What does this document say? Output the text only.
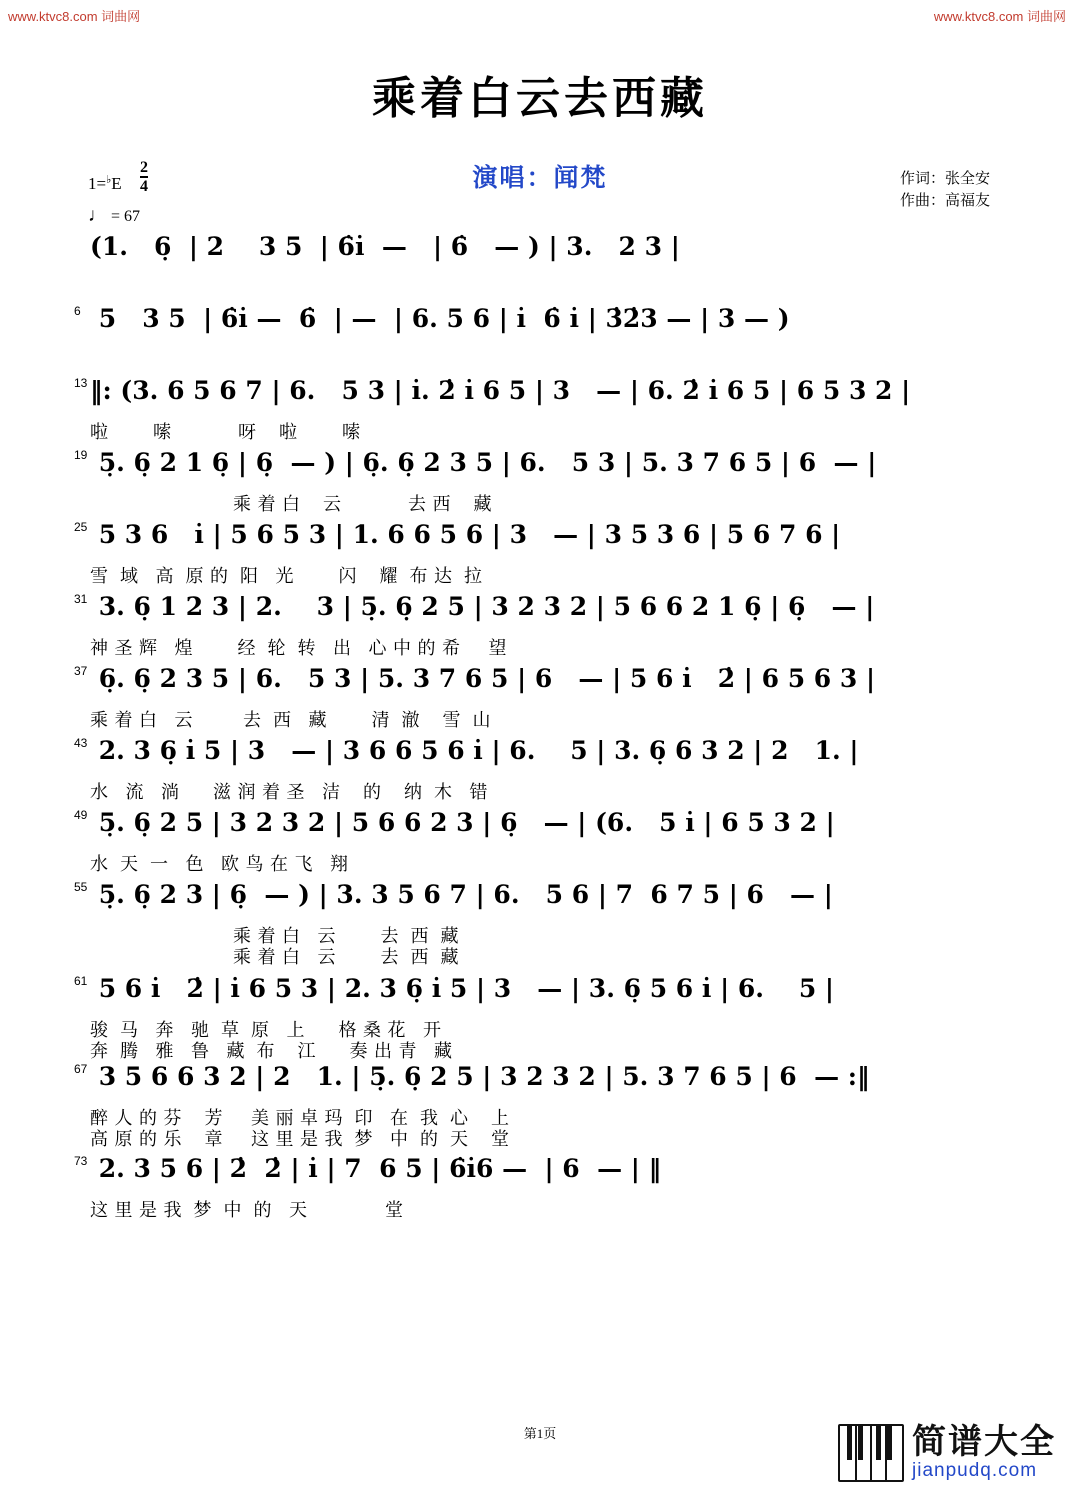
www.ktvc8.com 词曲网	www.ktvc8.com 词曲网
乘着白云去西藏
演唱：闻梵	作词：张全安
作曲：高福友
$1=^♭E \frac{2}{4}$
♩ = 67
(1.   6̣  | 2    3 5  | 6̇i̇  —   | 6̇   — ) | 3.   2 3 |
6 5   3 5  | 6̇i̇ —  6̇  | —  | 6. 5 6 | i̇  6̇ i̇ | 3̇2̇3 — | 3 — )
13 ‖: (3. 6 5 6 7 | 6.   5 3 | i̇. 2̇ i̇ 6 5 | 3   — | 6. 2̇ i̇ 6 5 | 6 5 3 2 |
啦        嗦            呀    啦        嗦
19 5̣. 6̣ 2 1 6̣ | 6̣  — ) | 6̣. 6̣ 2 3 5 | 6.   5 3 | 5. 3 7 6 5 | 6  — |
乘 着 白    云            去 西    藏
25 5 3 6   i̇ | 5 6 5 3 | 1. 6 6 5 6 | 3   — | 3 5 3 6 | 5 6 7 6 |
雪  域   高  原 的  阳   光        闪    耀  布 达  拉
31 3. 6̣ 1 2 3 | 2.    3 | 5̣. 6̣ 2 5 | 3 2 3 2 | 5 6 6 2 1 6̣ | 6̣   — |
神 圣 辉   煌        经  轮  转   出   心 中 的 希     望
37 6̣. 6̣ 2 3 5 | 6.   5 3 | 5. 3 7 6 5 | 6   — | 5 6 i̇   2̇ | 6 5 6 3 |
乘 着 白   云         去  西   藏        清  澈    雪  山
43 2. 3 6̣ i̇ 5 | 3   — | 3 6 6 5 6 i̇ | 6.    5 | 3. 6̣ 6 3 2 | 2   1. |
水   流   淌      滋 润 着 圣   洁    的    纳  木   错
49 5̣. 6̣ 2 5 | 3 2 3 2 | 5 6 6 2 3 | 6̣   — | (6.   5 i̇ | 6 5 3 2 |
水  天  一   色   欧 鸟 在 飞   翔
55 5̣. 6̣ 2 3 | 6̣  — ) | 3. 3 5 6 7 | 6.   5 6 | 7  6 7 5 | 6   — |
乘 着 白   云        去  西  藏
乘 着 白   云        去  西  藏
61 5 6 i̇   2̇ | i̇ 6 5 3 | 2. 3 6̣ i̇ 5 | 3   — | 3. 6̣ 5 6 i̇ | 6.    5 |
骏  马   奔   驰  草  原   上      格 桑 花   开
奔  腾   雅   鲁   藏  布    江      奏 出 青   藏
67 3 5 6 6 3 2 | 2   1. | 5̣. 6̣ 2 5 | 3 2 3 2 | 5. 3 7 6 5 | 6  — :‖
醉 人 的 芬    芳     美 丽 卓 玛  印   在  我  心    上
高 原 的 乐    章     这 里 是 我  梦   中  的  天    堂
73 2. 3 5 6 | 2̇  2̇ | i̇ | 7  6 5 | 6̇i̇6 —  | 6  — | ‖
这 里 是 我  梦  中  的   天              堂
第1页	简谱大全
jianpudq.com
